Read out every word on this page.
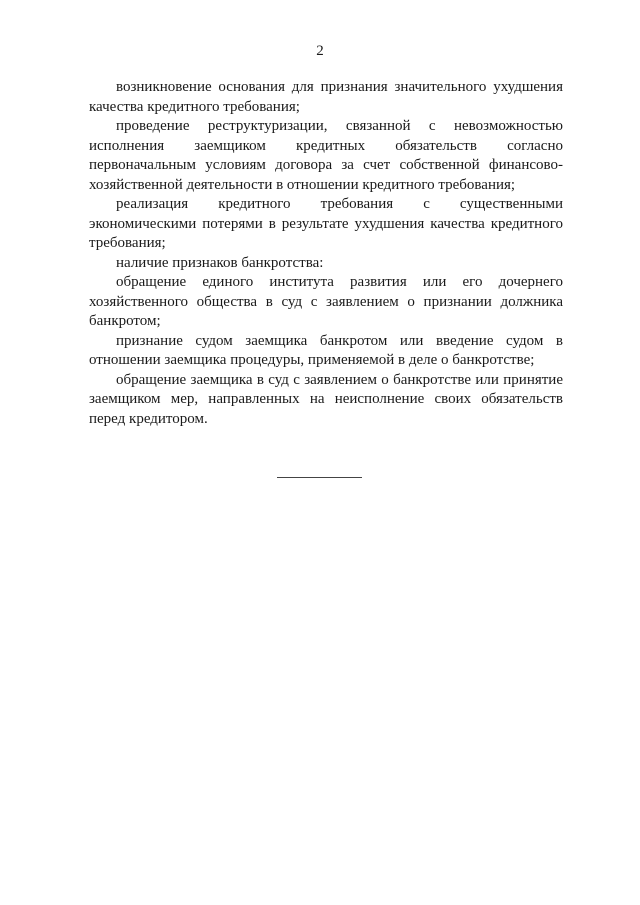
2

возникновение основания для признания значительного ухудшения качества кредитного требования;

проведение реструктуризации, связанной с невозможностью исполнения заемщиком кредитных обязательств согласно первоначальным условиям договора за счет собственной финансово-хозяйственной деятельности в отношении кредитного требования;

реализация кредитного требования с существенными экономическими потерями в результате ухудшения качества кредитного требования;

наличие признаков банкротства:

обращение единого института развития или его дочернего хозяйственного общества в суд с заявлением о признании должника банкротом;

признание судом заемщика банкротом или введение судом в отношении заемщика процедуры, применяемой в деле о банкротстве;

обращение заемщика в суд с заявлением о банкротстве или принятие заемщиком мер, направленных на неисполнение своих обязательств перед кредитором.
